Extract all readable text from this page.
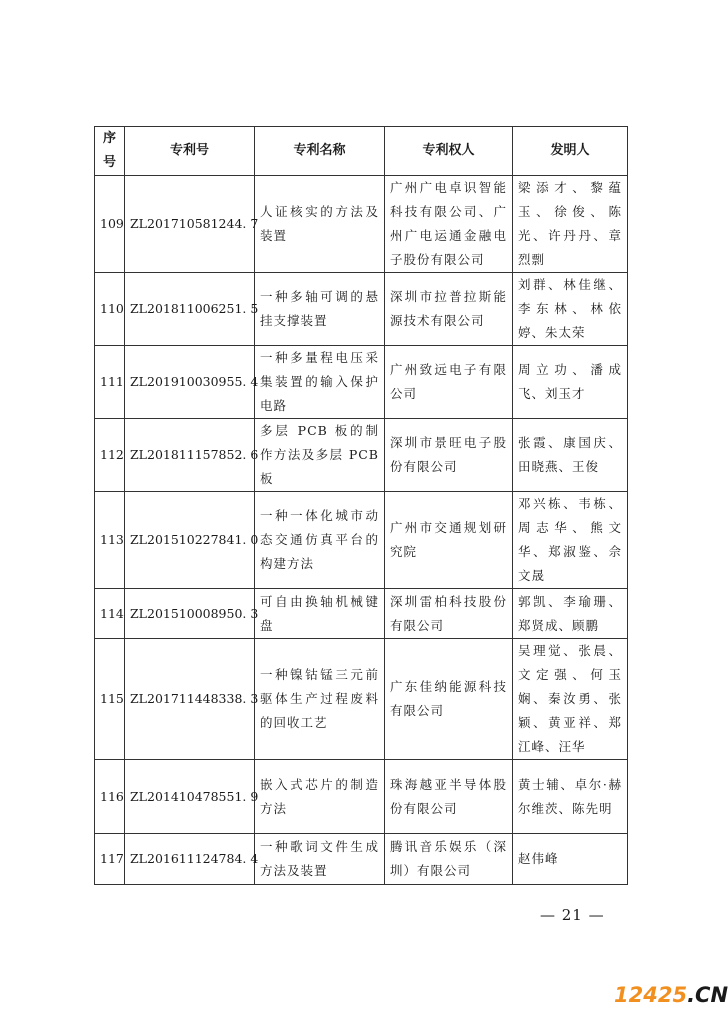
序号	专利号	专利名称	专利权人	发明人
109	ZL201710581244. 7	人证核实的方法及装置	广州广电卓识智能科技有限公司、广州广电运通金融电子股份有限公司	梁添才、黎蕴玉、徐俊、陈光、许丹丹、章烈剽
110	ZL201811006251. 5	一种多轴可调的悬挂支撑装置	深圳市拉普拉斯能源技术有限公司	刘群、林佳继、李东林、林依婷、朱太荣
111	ZL201910030955. 4	一种多量程电压采集装置的输入保护电路	广州致远电子有限公司	周立功、潘成飞、刘玉才
112	ZL201811157852. 6	多层 PCB 板的制作方法及多层 PCB 板	深圳市景旺电子股份有限公司	张霞、康国庆、田晓燕、王俊
113	ZL201510227841. 0	一种一体化城市动态交通仿真平台的构建方法	广州市交通规划研究院	邓兴栋、韦栋、周志华、熊文华、郑淑鉴、佘文晟
114	ZL201510008950. 3	可自由换轴机械键盘	深圳雷柏科技股份有限公司	郭凯、李瑜珊、郑贤成、顾鹏
115	ZL201711448338. 3	一种镍钴锰三元前驱体生产过程废料的回收工艺	广东佳纳能源科技有限公司	吴理觉、张晨、文定强、何玉娴、秦汝勇、张颖、黄亚祥、郑江峰、汪华
116	ZL201410478551. 9	嵌入式芯片的制造方法	珠海越亚半导体股份有限公司	黄士辅、卓尔·赫尔维茨、陈先明
117	ZL201611124784. 4	一种歌词文件生成方法及装置	腾讯音乐娱乐（深圳）有限公司	赵伟峰
— 21 —
12425.CN
